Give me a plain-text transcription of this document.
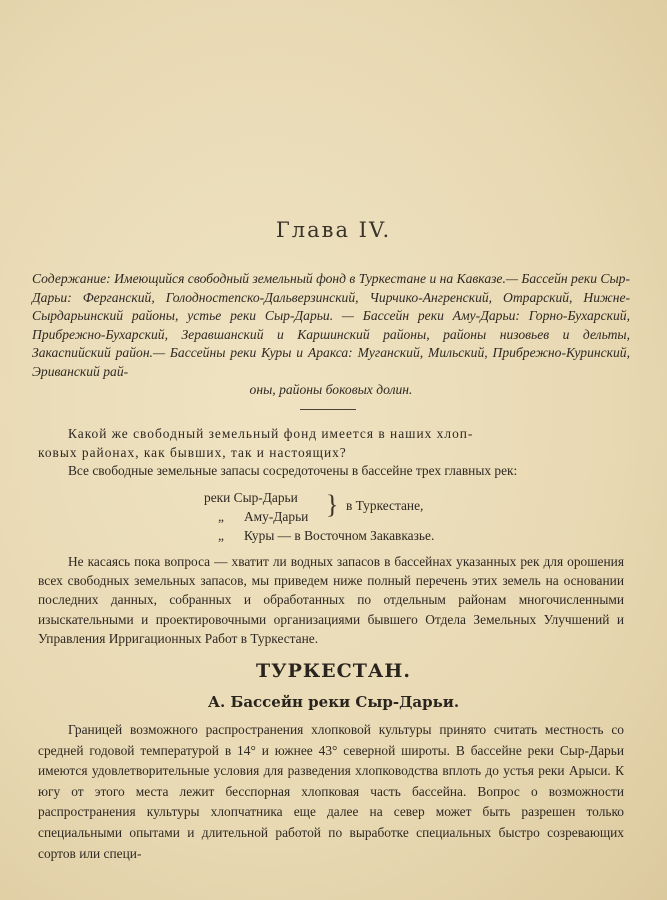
Глава IV.
Содержание: Имеющийся свободный земельный фонд в Туркестане и на Кавказе.— Бассейн реки Сыр-Дарьи: Ферганский, Голодностепско-Дальверзинский, Чирчико-Ангренский, Отрарский, Нижне-Сырдарьинский районы, устье реки Сыр-Дарьи. — Бассейн реки Аму-Дарьи: Горно-Бухарский, Прибрежно-Бухарский, Зеравшанский и Каршинский районы, районы низовьев и дельты, Закаспийский район.— Бассейны реки Куры и Аракса: Муганский, Мильский, Прибрежно-Куринский, Эриванский рай-
оны, районы боковых долин.
Какой же свободный земельный фонд имеется в наших хлоп-
ковых районах, как бывших, так и настоящих?
Все свободные земельные запасы сосредоточены в бассейне трех главных рек:
реки Сыр-Дарьи
„ Аму-Дарьи } в Туркестане,
„ Куры — в Восточном Закавказье.
Не касаясь пока вопроса — хватит ли водных запасов в бассейнах указанных рек для орошения всех свободных земельных запасов, мы приведем ниже полный перечень этих земель на основании последних данных, собранных и обработанных по отдельным районам многочисленными изыскательными и проектировочными организациями бывшего Отдела Земельных Улучшений и Управления Ирригационных Работ в Туркестане.
ТУРКЕСТАН.
А. Бассейн реки Сыр-Дарьи.
Границей возможного распространения хлопковой культуры принято считать местность со средней годовой температурой в 14° и южнее 43° северной широты. В бассейне реки Сыр-Дарьи имеются удовлетворительные условия для разведения хлопководства вплоть до устья реки Арыси. К югу от этого места лежит бесспорная хлопковая часть бассейна. Вопрос о возможности распространения культуры хлопчатника еще далее на север может быть разрешен только специальными опытами и длительной работой по выработке специальных быстро созревающих сортов или специ-
